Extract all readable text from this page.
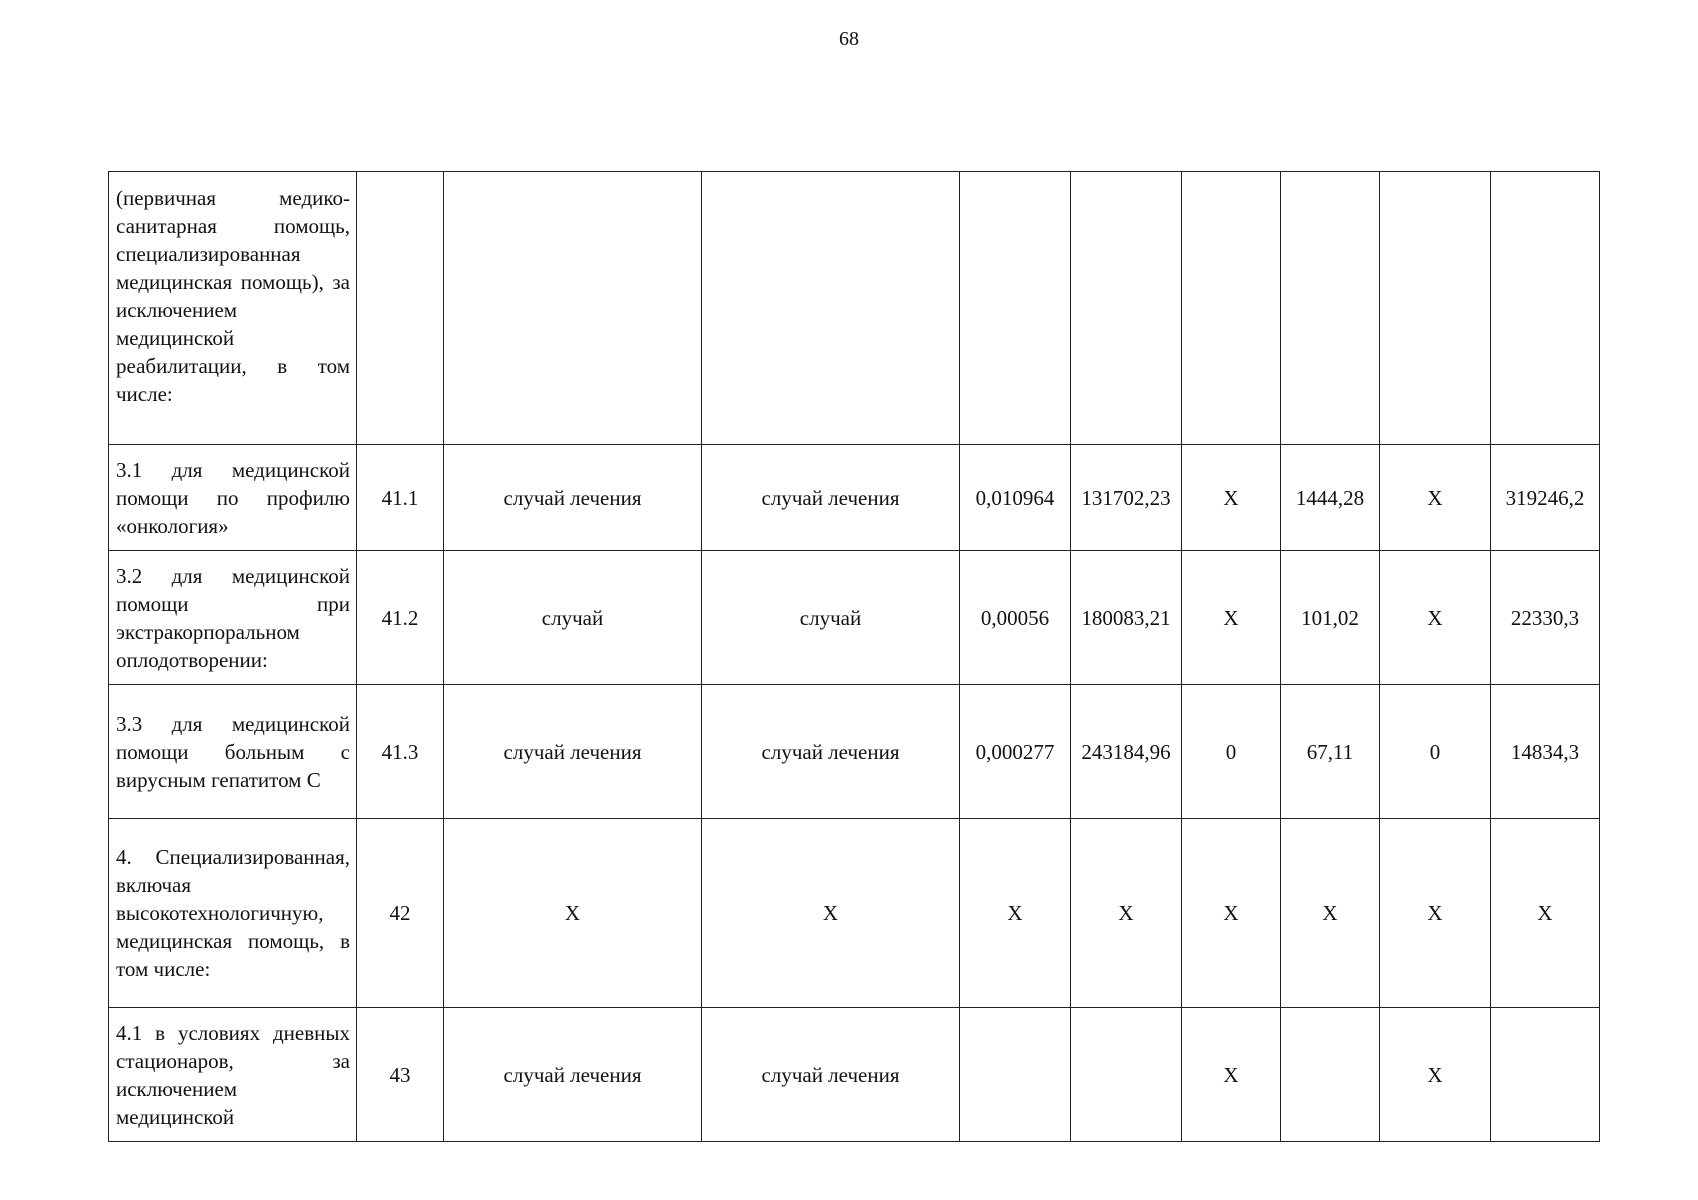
68
(первичная медико-санитарная помощь, специализированная медицинская помощь), за исключением медицинской реабилитации, в том числе:									
3.1 для медицинской помощи по профилю «онкология»	41.1	случай лечения	случай лечения	0,010964	131702,23	Х	1444,28	Х	319246,2
3.2 для медицинской помощи при экстракорпоральном оплодотворении:	41.2	случай	случай	0,00056	180083,21	Х	101,02	Х	22330,3
3.3 для медицинской помощи больным с вирусным гепатитом С	41.3	случай лечения	случай лечения	0,000277	243184,96	0	67,11	0	14834,3
4. Специализированная, включая высокотехнологичную, медицинская помощь, в том числе:	42	Х	Х	Х	Х	Х	Х	Х	Х
4.1 в условиях дневных стационаров, за исключением медицинской	43	случай лечения	случай лечения			Х		Х	
